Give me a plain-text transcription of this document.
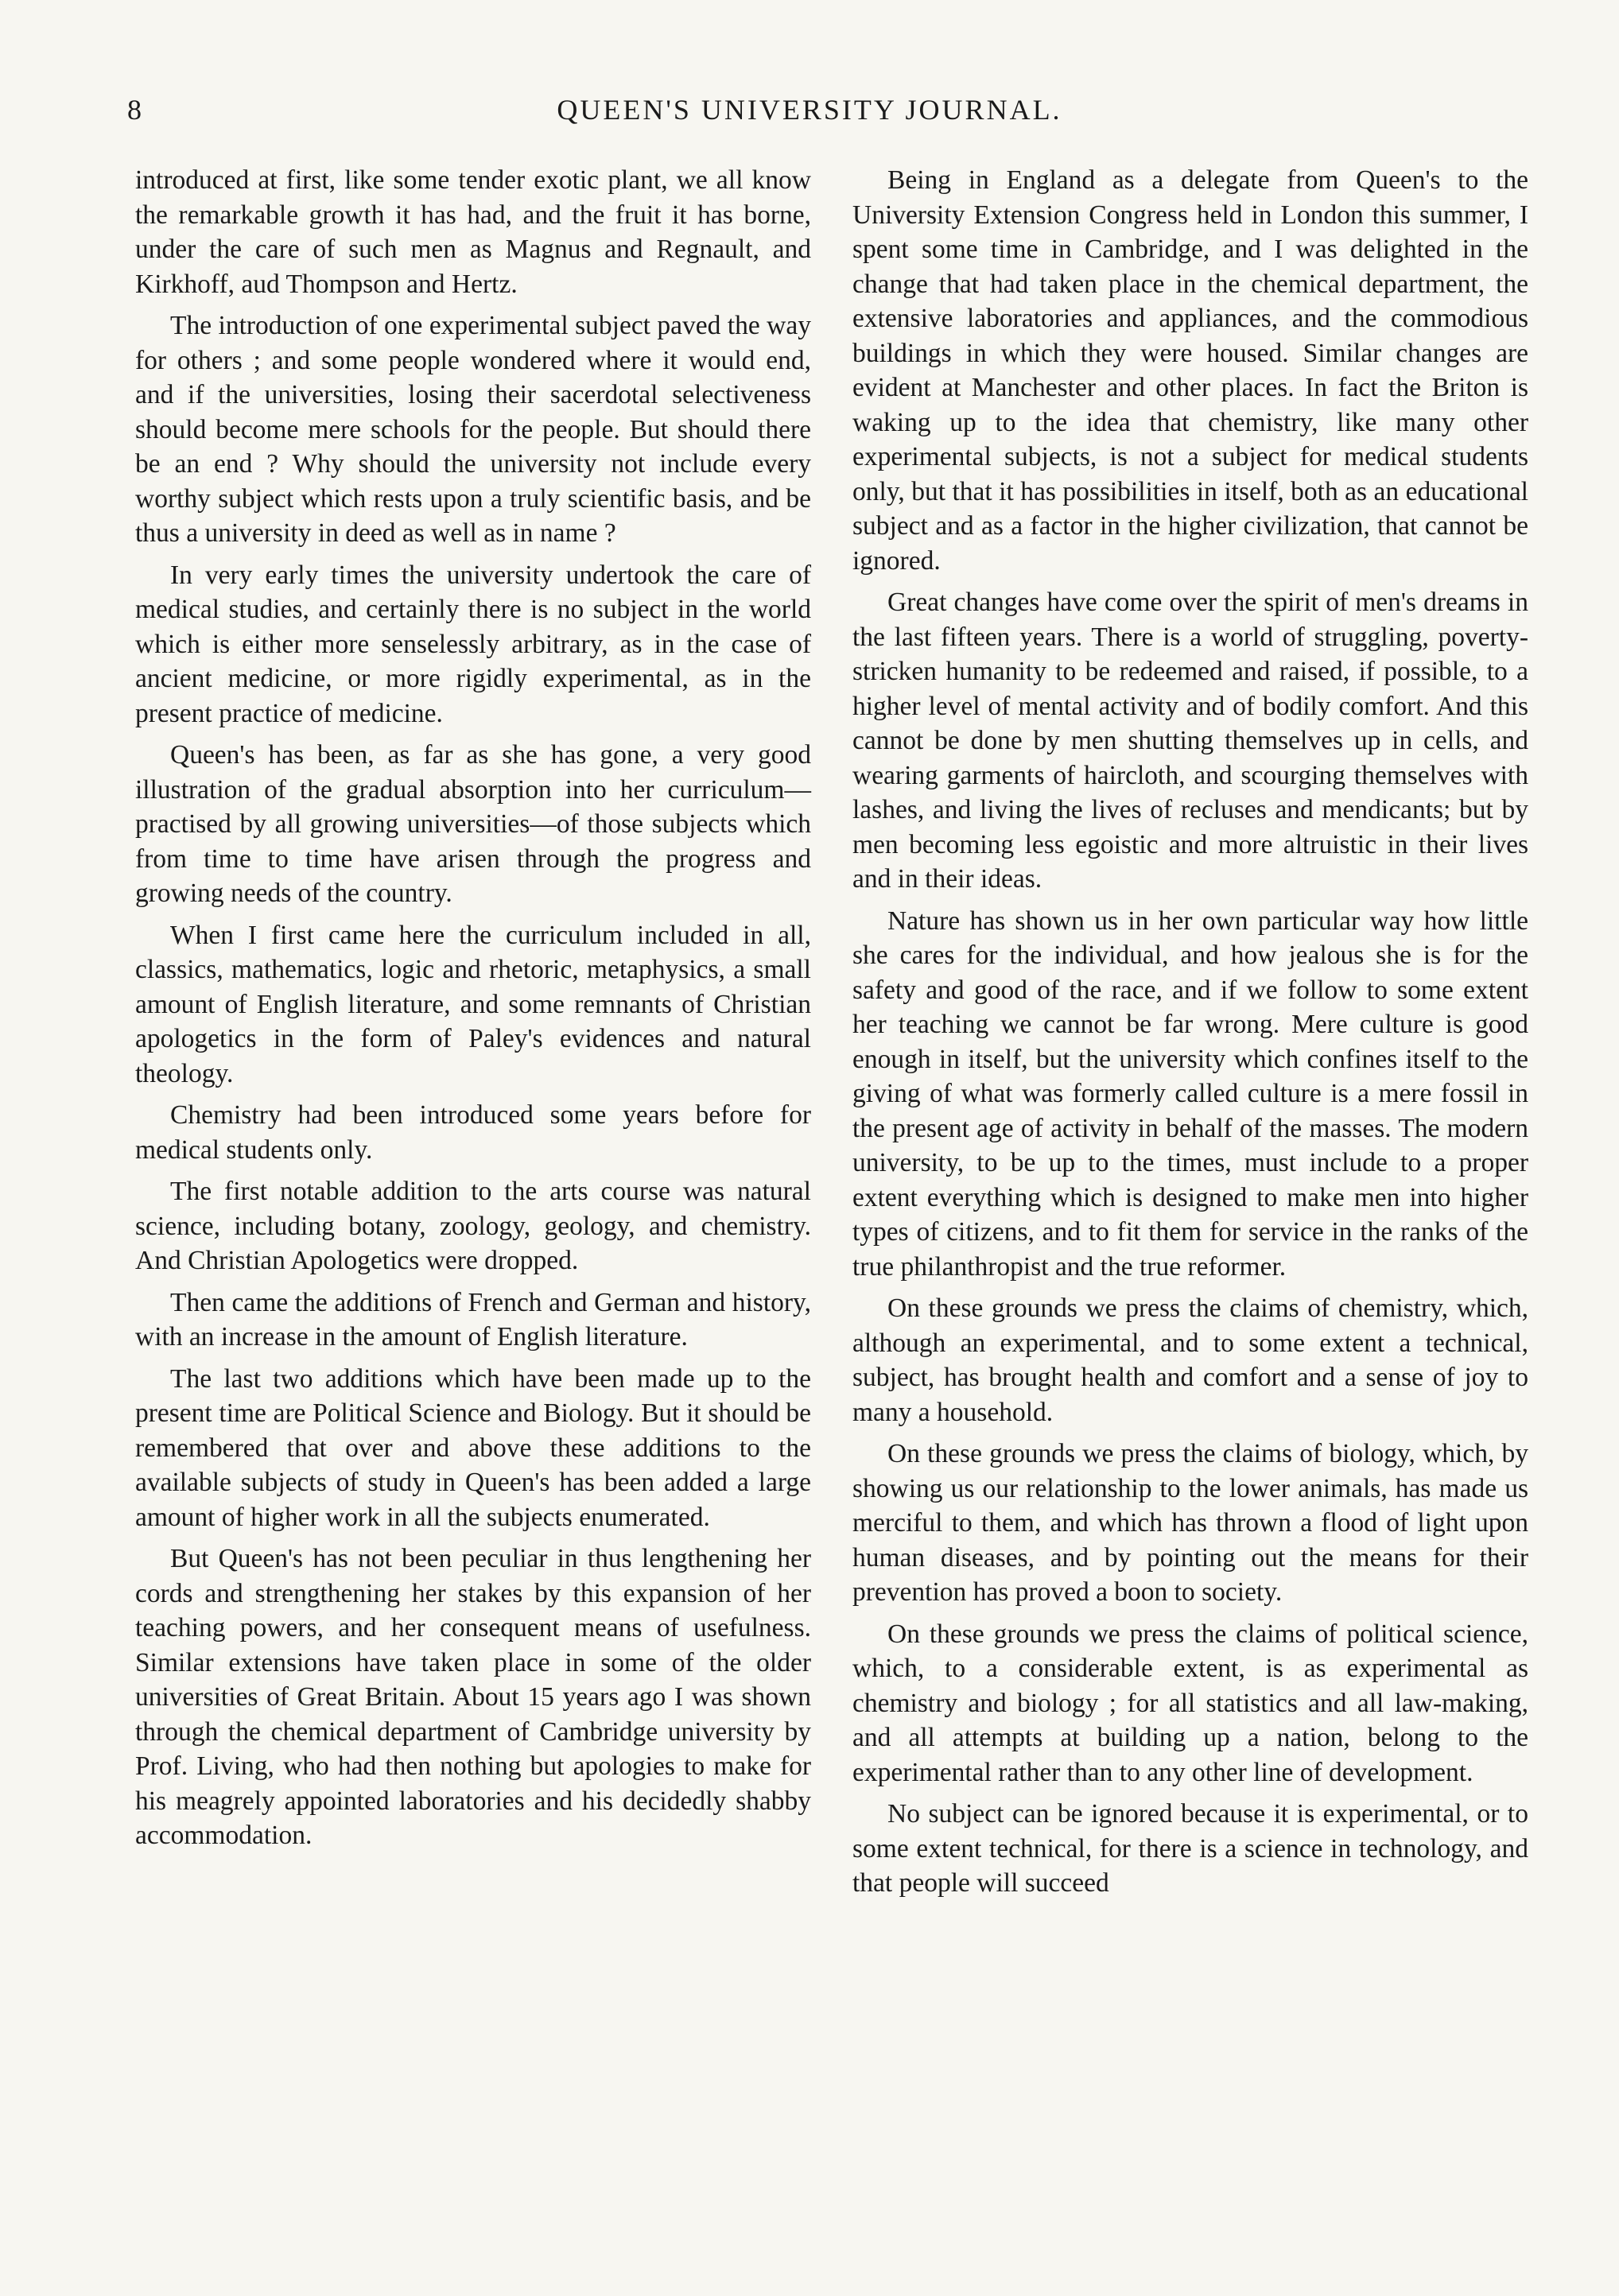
8	QUEEN'S UNIVERSITY JOURNAL.

introduced at first, like some tender exotic plant, we all know the remarkable growth it has had, and the fruit it has borne, under the care of such men as Magnus and Regnault, and Kirkhoff, aud Thompson and Hertz.

The introduction of one experimental subject paved the way for others ; and some people wondered where it would end, and if the universities, losing their sacerdotal selectiveness should become mere schools for the people. But should there be an end ? Why should the university not include every worthy subject which rests upon a truly scientific basis, and be thus a university in deed as well as in name ?

In very early times the university undertook the care of medical studies, and certainly there is no subject in the world which is either more senselessly arbitrary, as in the case of ancient medicine, or more rigidly experimental, as in the present practice of medicine.

Queen's has been, as far as she has gone, a very good illustration of the gradual absorption into her curriculum—practised by all growing universities—of those subjects which from time to time have arisen through the progress and growing needs of the country.

When I first came here the curriculum included in all, classics, mathematics, logic and rhetoric, metaphysics, a small amount of English literature, and some remnants of Christian apologetics in the form of Paley's evidences and natural theology.

Chemistry had been introduced some years before for medical students only.

The first notable addition to the arts course was natural science, including botany, zoology, geology, and chemistry. And Christian Apologetics were dropped.

Then came the additions of French and German and history, with an increase in the amount of English literature.

The last two additions which have been made up to the present time are Political Science and Biology. But it should be remembered that over and above these additions to the available subjects of study in Queen's has been added a large amount of higher work in all the subjects enumerated.

But Queen's has not been peculiar in thus lengthening her cords and strengthening her stakes by this expansion of her teaching powers, and her consequent means of usefulness. Similar extensions have taken place in some of the older universities of Great Britain. About 15 years ago I was shown through the chemical department of Cambridge university by Prof. Living, who had then nothing but apologies to make for his meagrely appointed laboratories and his decidedly shabby accommodation.

Being in England as a delegate from Queen's to the University Extension Congress held in London this summer, I spent some time in Cambridge, and I was delighted in the change that had taken place in the chemical department, the extensive laboratories and appliances, and the commodious buildings in which they were housed. Similar changes are evident at Manchester and other places. In fact the Briton is waking up to the idea that chemistry, like many other experimental subjects, is not a subject for medical students only, but that it has possibilities in itself, both as an educational subject and as a factor in the higher civilization, that cannot be ignored.

Great changes have come over the spirit of men's dreams in the last fifteen years. There is a world of struggling, poverty-stricken humanity to be redeemed and raised, if possible, to a higher level of mental activity and of bodily comfort. And this cannot be done by men shutting themselves up in cells, and wearing garments of haircloth, and scourging themselves with lashes, and living the lives of recluses and mendicants; but by men becoming less egoistic and more altruistic in their lives and in their ideas.

Nature has shown us in her own particular way how little she cares for the individual, and how jealous she is for the safety and good of the race, and if we follow to some extent her teaching we cannot be far wrong. Mere culture is good enough in itself, but the university which confines itself to the giving of what was formerly called culture is a mere fossil in the present age of activity in behalf of the masses. The modern university, to be up to the times, must include to a proper extent everything which is designed to make men into higher types of citizens, and to fit them for service in the ranks of the true philanthropist and the true reformer.

On these grounds we press the claims of chemistry, which, although an experimental, and to some extent a technical, subject, has brought health and comfort and a sense of joy to many a household.

On these grounds we press the claims of biology, which, by showing us our relationship to the lower animals, has made us merciful to them, and which has thrown a flood of light upon human diseases, and by pointing out the means for their prevention has proved a boon to society.

On these grounds we press the claims of political science, which, to a considerable extent, is as experimental as chemistry and biology ; for all statistics and all law-making, and all attempts at building up a nation, belong to the experimental rather than to any other line of development.

No subject can be ignored because it is experimental, or to some extent technical, for there is a science in technology, and that people will succeed
